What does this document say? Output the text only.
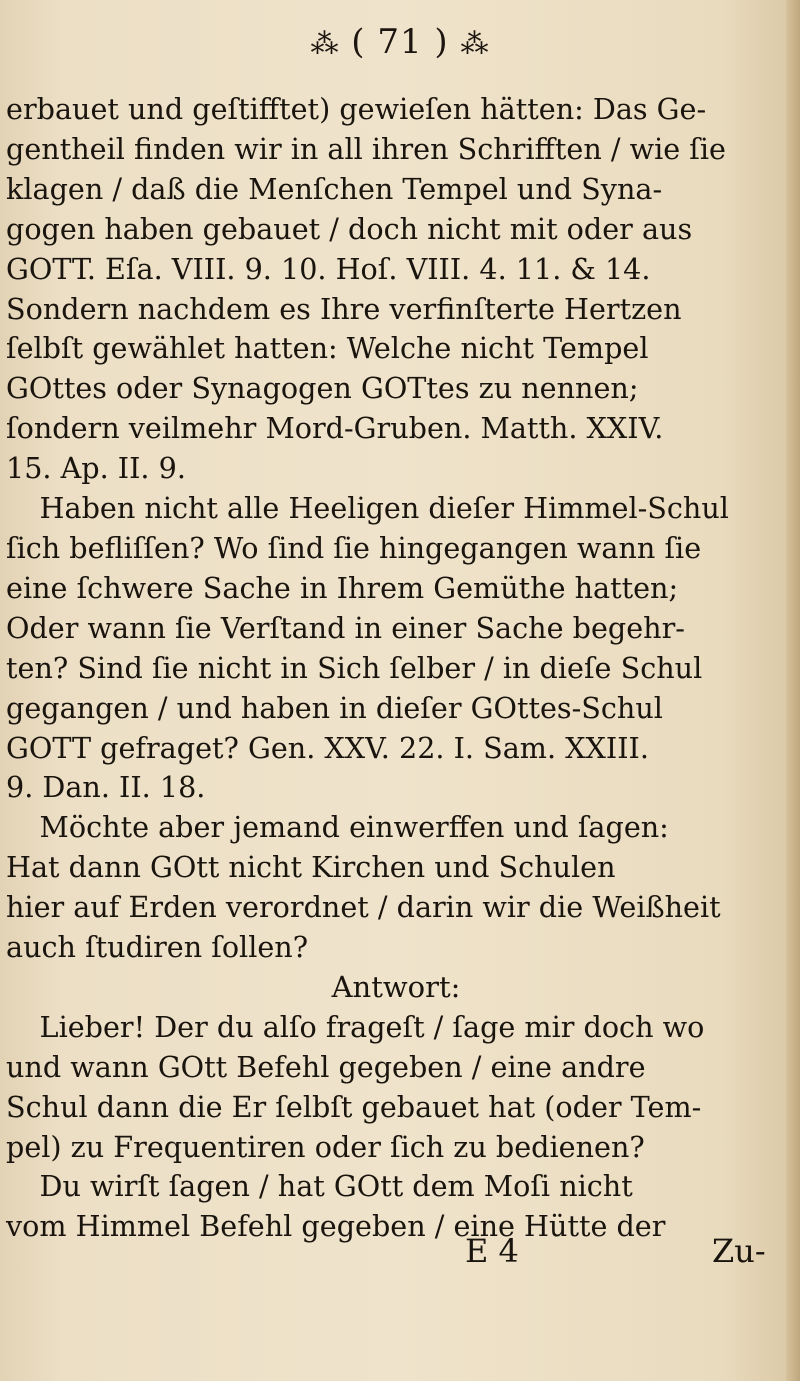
⁂ ( 71 ) ⁂
erbauet und geſtifftet) gewieſen hätten: Das Ge-
gentheil finden wir in all ihren Schrifften / wie ſie
klagen / daß die Menſchen Tempel und Syna-
gogen haben gebauet / doch nicht mit oder aus
GOTT. Eſa. VIII. 9. 10. Hoſ. VIII. 4. 11. & 14.
Sondern nachdem es Ihre verfinſterte Hertzen
ſelbſt gewählet hatten: Welche nicht Tempel
GOttes oder Synagogen GOTtes zu nennen;
ſondern veilmehr Mord-Gruben. Matth. XXIV.
15. Ap. II. 9.
Haben nicht alle Heeligen dieſer Himmel-Schul
ſich befliſſen? Wo ſind ſie hingegangen wann ſie
eine ſchwere Sache in Ihrem Gemüthe hatten;
Oder wann ſie Verſtand in einer Sache begehr-
ten? Sind ſie nicht in Sich ſelber / in dieſe Schul
gegangen / und haben in dieſer GOttes-Schul
GOTT gefraget? Gen. XXV. 22. I. Sam. XXIII.
9. Dan. II. 18.
Möchte aber jemand einwerffen und ſagen:
Hat dann GOtt nicht Kirchen und Schulen
hier auf Erden verordnet / darin wir die Weißheit
auch ſtudiren ſollen?
Antwort:
Lieber! Der du alſo frageſt / ſage mir doch wo
und wann GOtt Befehl gegeben / eine andre
Schul dann die Er ſelbſt gebauet hat (oder Tem-
pel) zu Frequentiren oder ſich zu bedienen?
Du wirſt ſagen / hat GOtt dem Moſi nicht
vom Himmel Befehl gegeben / eine Hütte der
E 4	Zu-
